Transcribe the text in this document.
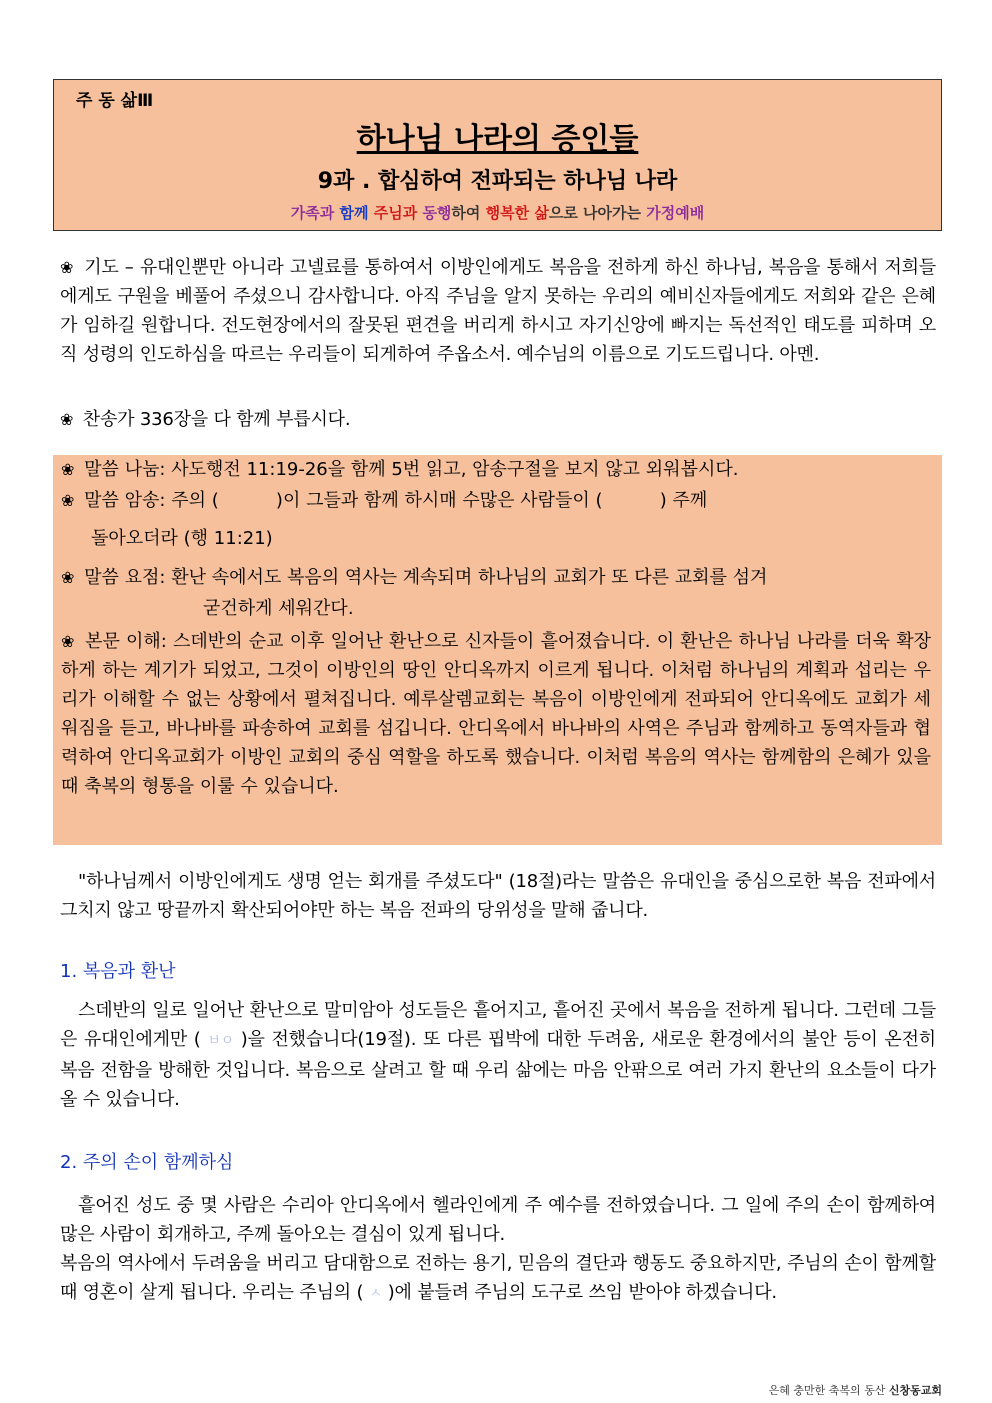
주 동 삶Ⅲ
하나님 나라의 증인들
9과 . 합심하여 전파되는 하나님 나라
가족과 함께 주님과 동행하여 행복한 삶으로 나아가는 가정예배
❀ 기도 – 유대인뿐만 아니라 고넬료를 통하여서 이방인에게도 복음을 전하게 하신 하나님, 복음을 통해서 저희들에게도 구원을 베풀어 주셨으니 감사합니다. 아직 주님을 알지 못하는 우리의 예비신자들에게도 저희와 같은 은혜가 임하길 원합니다. 전도현장에서의 잘못된 편견을 버리게 하시고 자기신앙에 빠지는 독선적인 태도를 피하며 오직 성령의 인도하심을 따르는 우리들이 되게하여 주옵소서. 예수님의 이름으로 기도드립니다. 아멘.
❀ 찬송가 336장을 다 함께 부릅시다.
❀ 말씀 나눔: 사도행전 11:19-26을 함께 5번 읽고, 암송구절을 보지 않고 외워봅시다.
❀ 말씀 암송: 주의 (          )이 그들과 함께 하시매 수많은 사람들이 (          ) 주께
돌아오더라 (행 11:21)
❀ 말씀 요점: 환난 속에서도 복음의 역사는 계속되며 하나님의 교회가 또 다른 교회를 섬겨
굳건하게 세워간다.
❀ 본문 이해: 스데반의 순교 이후 일어난 환난으로 신자들이 흩어졌습니다. 이 환난은 하나님 나라를 더욱 확장하게 하는 계기가 되었고, 그것이 이방인의 땅인 안디옥까지 이르게 됩니다. 이처럼 하나님의 계획과 섭리는 우리가 이해할 수 없는 상황에서 펼쳐집니다. 예루살렘교회는 복음이 이방인에게 전파되어 안디옥에도 교회가 세워짐을 듣고, 바나바를 파송하여 교회를 섬깁니다. 안디옥에서 바나바의 사역은 주님과 함께하고 동역자들과 협력하여 안디옥교회가 이방인 교회의 중심 역할을 하도록 했습니다. 이처럼 복음의 역사는 함께함의 은혜가 있을 때 축복의 형통을 이룰 수 있습니다.
"하나님께서 이방인에게도 생명 얻는 회개를 주셨도다" (18절)라는 말씀은 유대인을 중심으로한 복음 전파에서 그치지 않고 땅끝까지 확산되어야만 하는 복음 전파의 당위성을 말해 줍니다.
1. 복음과 환난
스데반의 일로 일어난 환난으로 말미암아 성도들은 흩어지고, 흩어진 곳에서 복음을 전하게 됩니다. 그런데 그들은 유대인에게만 ( ㅂㅇ )을 전했습니다(19절). 또 다른 핍박에 대한 두려움, 새로운 환경에서의 불안 등이 온전히 복음 전함을 방해한 것입니다. 복음으로 살려고 할 때 우리 삶에는 마음 안팎으로 여러 가지 환난의 요소들이 다가올 수 있습니다.
2. 주의 손이 함께하심
흩어진 성도 중 몇 사람은 수리아 안디옥에서 헬라인에게 주 예수를 전하였습니다. 그 일에 주의 손이 함께하여 많은 사람이 회개하고, 주께 돌아오는 결심이 있게 됩니다.
복음의 역사에서 두려움을 버리고 담대함으로 전하는 용기, 믿음의 결단과 행동도 중요하지만, 주님의 손이 함께할 때 영혼이 살게 됩니다. 우리는 주님의 ( ㅅ )에 붙들려 주님의 도구로 쓰임 받아야 하겠습니다.
은혜 충만한 축복의 동산 신창동교회
